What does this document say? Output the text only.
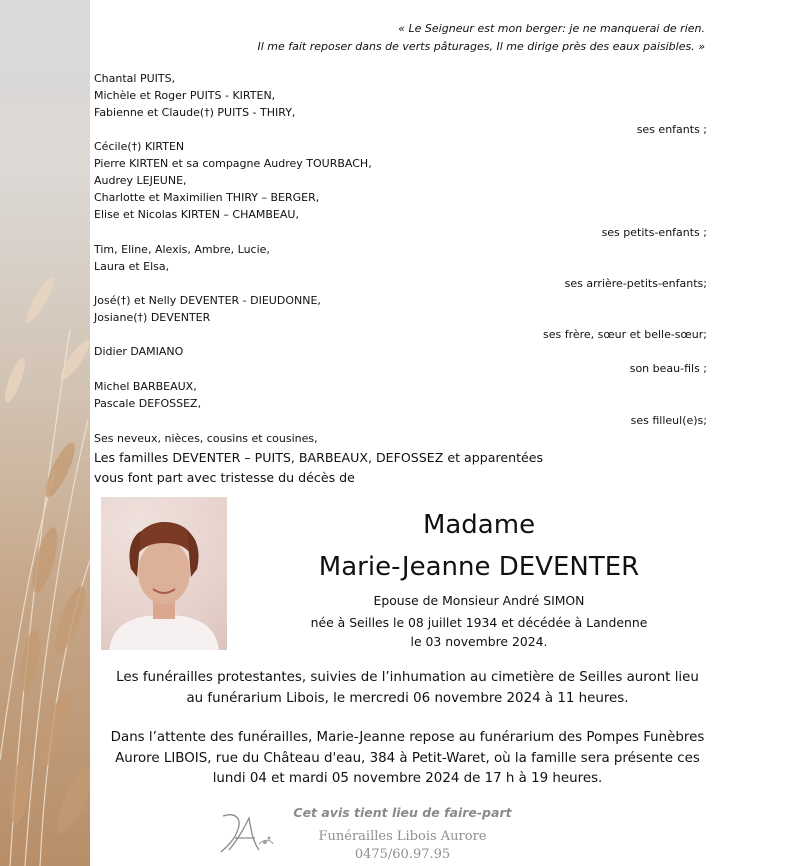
« Le Seigneur est mon berger: je ne manquerai de rien.
Il me fait reposer dans de verts pâturages, Il me dirige près des eaux paisibles. »
Chantal PUITS,
Michèle et Roger PUITS - KIRTEN,
Fabienne et Claude(†) PUITS - THIRY,
ses enfants ;
Cécile(†) KIRTEN
Pierre KIRTEN et sa compagne Audrey TOURBACH,
Audrey LEJEUNE,
Charlotte et Maximilien THIRY – BERGER,
Elise et Nicolas KIRTEN – CHAMBEAU,
ses petits-enfants ;
Tim, Eline, Alexis, Ambre, Lucie,
Laura et Elsa,
ses arrière-petits-enfants;
José(†) et Nelly DEVENTER - DIEUDONNE,
Josiane(†) DEVENTER
ses frère, sœur et belle-sœur;
Didier DAMIANO
son beau-fils ;
Michel BARBEAUX,
Pascale DEFOSSEZ,
ses filleul(e)s;
Ses neveux, nièces, cousins et cousines,
Les familles DEVENTER – PUITS, BARBEAUX, DEFOSSEZ et apparentées
vous font part avec tristesse du décès de
Madame
Marie-Jeanne DEVENTER
Epouse de Monsieur André SIMON
née à Seilles le 08 juillet 1934 et décédée à Landenne
le 03 novembre 2024.
Les funérailles protestantes, suivies de l’inhumation au cimetière de Seilles auront lieu
au funérarium Libois, le mercredi 06 novembre 2024 à 11 heures.
Dans l’attente des funérailles, Marie-Jeanne repose au funérarium des Pompes Funèbres
Aurore LIBOIS, rue du Château d'eau, 384 à Petit-Waret, où la famille sera présente ces
lundi 04 et mardi 05 novembre 2024 de 17 h à 19 heures.
Cet avis tient lieu de faire-part
Funérailles Libois Aurore
0475/60.97.95
